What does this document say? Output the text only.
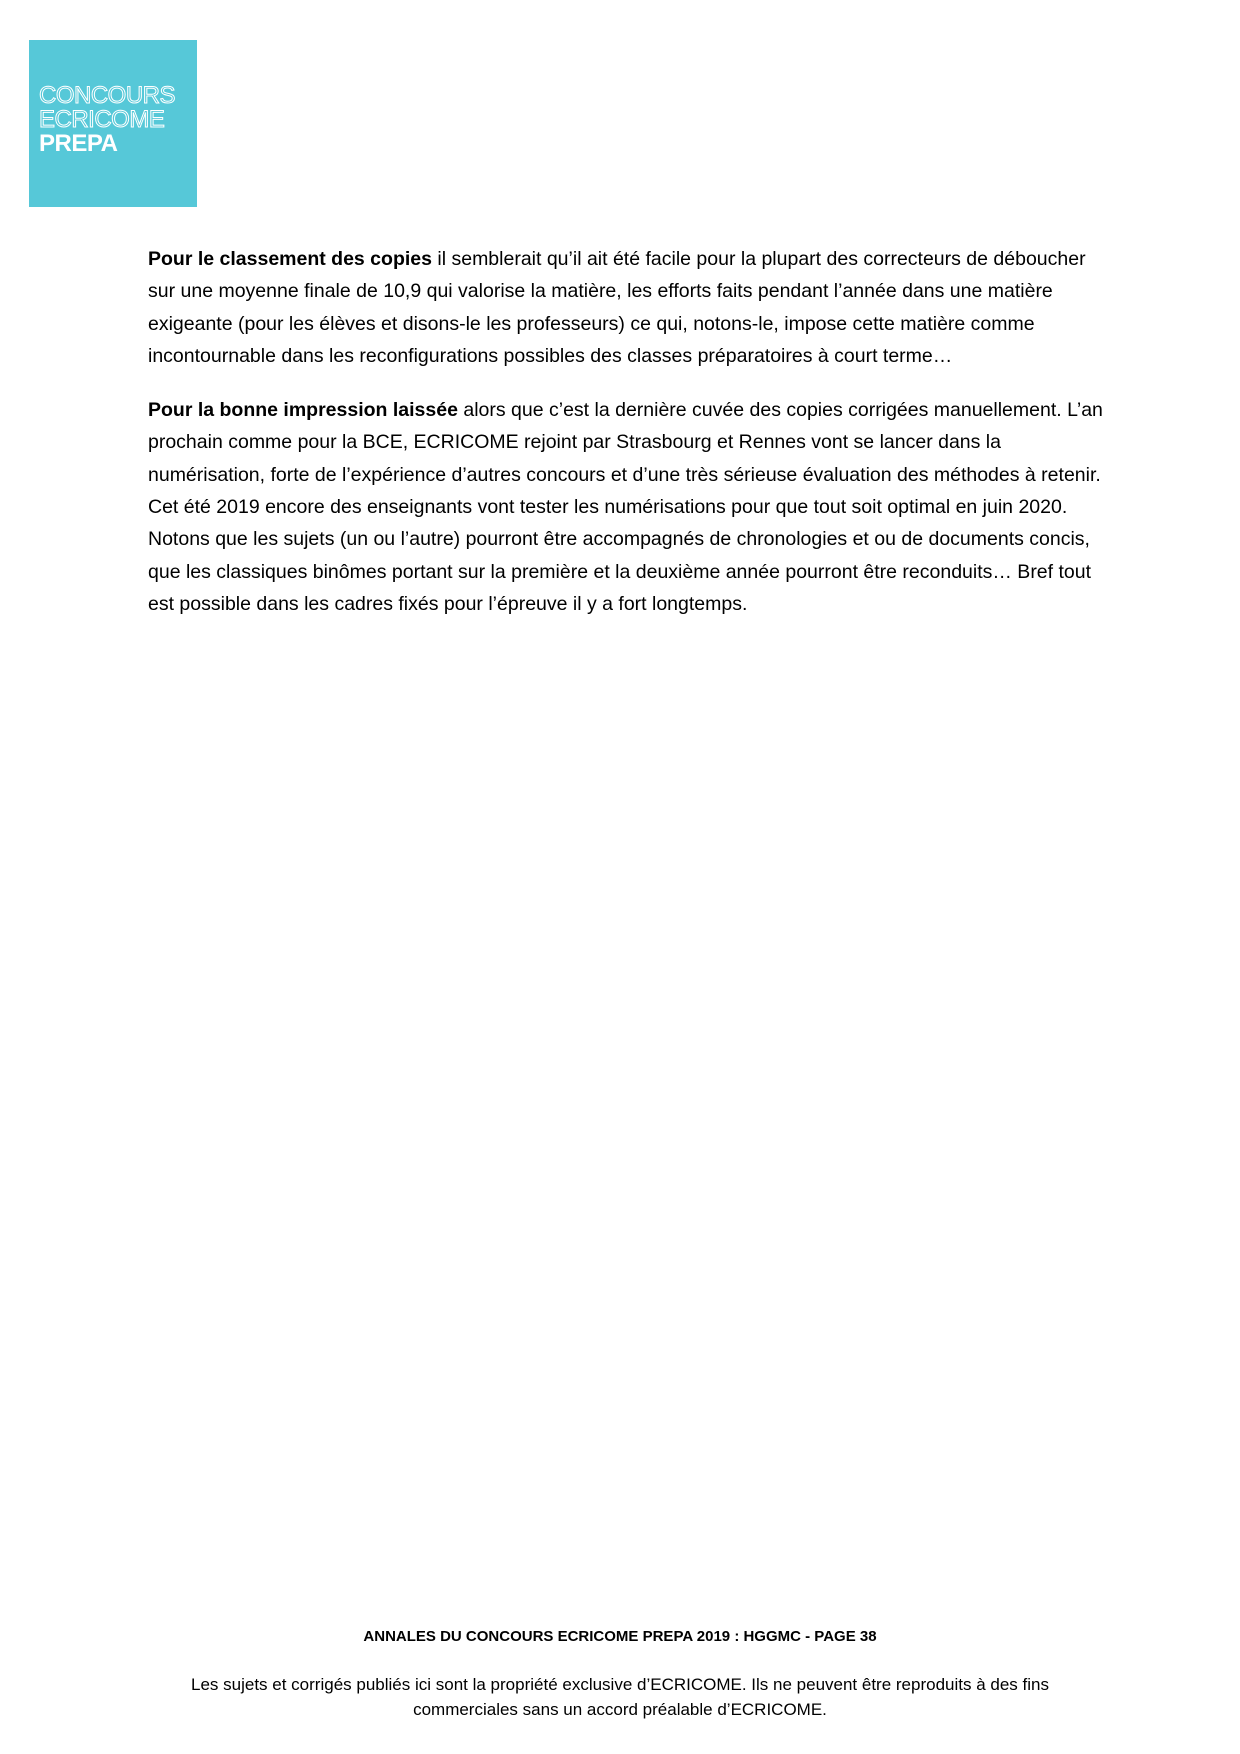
CONCOURS
ECRICOME
PREPA

Pour le classement des copies il semblerait qu’il ait été facile pour la plupart des correcteurs de déboucher sur une moyenne finale de 10,9 qui valorise la matière, les efforts faits pendant l’année dans une matière exigeante (pour les élèves et disons-le les professeurs) ce qui, notons-le, impose cette matière comme incontournable dans les reconfigurations possibles des classes préparatoires à court terme…

Pour la bonne impression laissée alors que c’est la dernière cuvée des copies corrigées manuellement. L’an prochain comme pour la BCE, ECRICOME rejoint par Strasbourg et Rennes vont se lancer dans la numérisation, forte de l’expérience d’autres concours et d’une très sérieuse évaluation des méthodes à retenir. Cet été 2019 encore des enseignants vont tester les numérisations pour que tout soit optimal en juin 2020. Notons que les sujets (un ou l’autre) pourront être accompagnés de chronologies et ou de documents concis, que les classiques binômes portant sur la première et la deuxième année pourront être reconduits… Bref tout est possible dans les cadres fixés pour l’épreuve il y a fort longtemps.

ANNALES DU CONCOURS ECRICOME PREPA 2019 : HGGMC - PAGE 38
Les sujets et corrigés publiés ici sont la propriété exclusive d’ECRICOME. Ils ne peuvent être reproduits à des fins commerciales sans un accord préalable d’ECRICOME.
